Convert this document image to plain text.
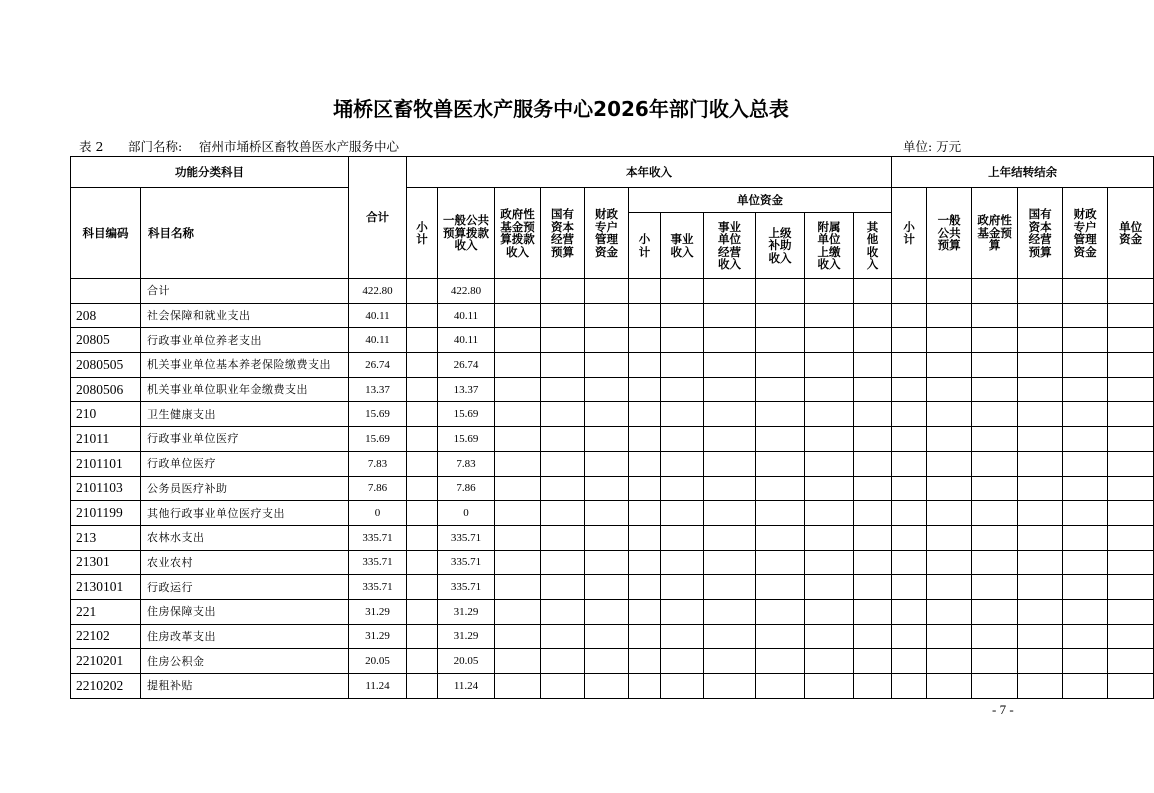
埇桥区畜牧兽医水产服务中心2026年部门收入总表
表 2 部门名称: 宿州市埇桥区畜牧兽医水产服务中心	单位: 万元
功能分类科目		合计	本年收入											上年结转结余					
科目编码	科目名称		小计	一般公共预算拨款收入	政府性基金预算拨款收入	国有资本经营预算	财政专户管理资金	单位资金						小计	一般公共预算	政府性基金预算	国有资本经营预算	财政专户管理资金	单位资金
								小计	事业收入	事业单位经营收入	上级补助收入	附属单位上缴收入	其他收入						
	合计	422.80		422.80															
208	社会保障和就业支出	40.11		40.11															
20805	行政事业单位养老支出	40.11		40.11															
2080505	机关事业单位基本养老保险缴费支出	26.74		26.74															
2080506	机关事业单位职业年金缴费支出	13.37		13.37															
210	卫生健康支出	15.69		15.69															
21011	行政事业单位医疗	15.69		15.69															
2101101	行政单位医疗	7.83		7.83															
2101103	公务员医疗补助	7.86		7.86															
2101199	其他行政事业单位医疗支出	0		0															
213	农林水支出	335.71		335.71															
21301	农业农村	335.71		335.71															
2130101	行政运行	335.71		335.71															
221	住房保障支出	31.29		31.29															
22102	住房改革支出	31.29		31.29															
2210201	住房公积金	20.05		20.05															
2210202	提租补贴	11.24		11.24															
- 7 -
